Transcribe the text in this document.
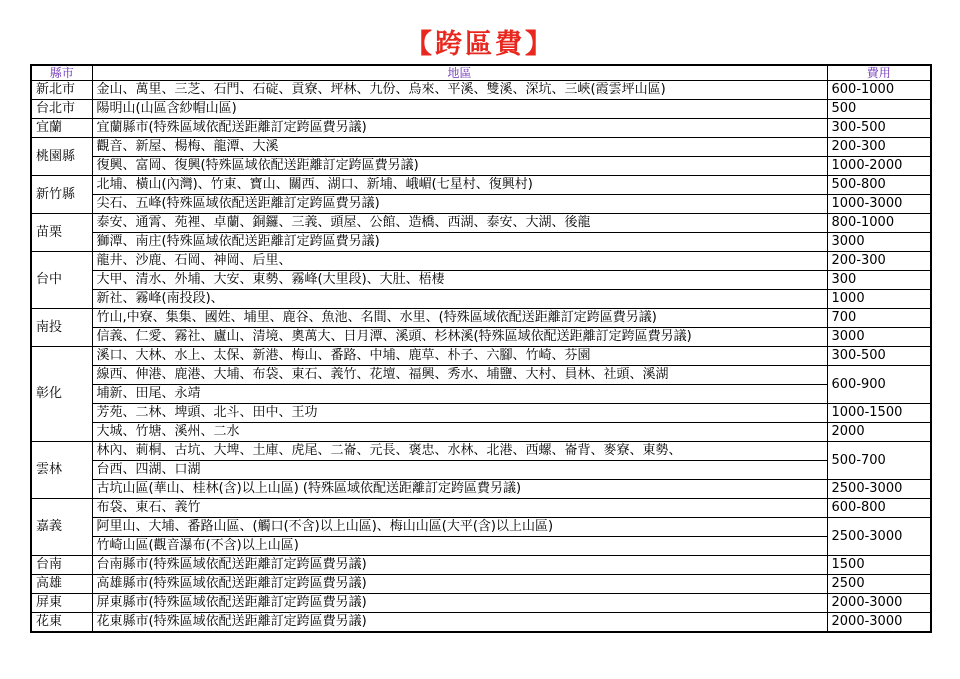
【跨區費】
縣市	地區	費用
新北市	金山、萬里、三芝、石門、石碇、貢寮、坪林、九份、烏來、平溪、雙溪、深坑、三峽(霞雲坪山區)	600-1000
台北市	陽明山(山區含紗帽山區)	500
宜蘭	宜蘭縣市(特殊區域依配送距離訂定跨區費另議)	300-500
桃園縣	觀音、新屋、楊梅、龍潭、大溪	200-300
	復興、富岡、復興(特殊區域依配送距離訂定跨區費另議)	1000-2000
新竹縣	北埔、橫山(內灣)、竹東、寶山、關西、湖口、新埔、峨嵋(七星村、復興村)	500-800
	尖石、五峰(特殊區域依配送距離訂定跨區費另議)	1000-3000
苗栗	泰安、通霄、苑裡、卓蘭、銅鑼、三義、頭屋、公館、造橋、西湖、泰安、大湖、後龍	800-1000
	獅潭、南庄(特殊區域依配送距離訂定跨區費另議)	3000
台中	龍井、沙鹿、石岡、神岡、后里、	200-300
	大甲、清水、外埔、大安、東勢、霧峰(大里段)、大肚、梧棲	300
	新社、霧峰(南投段)、	1000
南投	竹山,中寮、集集、國姓、埔里、鹿谷、魚池、名間、水里、(特殊區域依配送距離訂定跨區費另議)	700
	信義、仁愛、霧社、廬山、清境、奧萬大、日月潭、溪頭、杉林溪(特殊區域依配送距離訂定跨區費另議)	3000
彰化	溪口、大林、水上、太保、新港、梅山、番路、中埔、鹿草、朴子、六腳、竹崎、芬園	300-500
	線西、伸港、鹿港、大埔、布袋、東石、義竹、花壇、福興、秀水、埔鹽、大村、員林、社頭、溪湖	600-900
	埔新、田尾、永靖	
	芳苑、二林、埤頭、北斗、田中、王功	1000-1500
	大城、竹塘、溪州、二水	2000
雲林	林內、莿桐、古坑、大埤、土庫、虎尾、二崙、元長、褒忠、水林、北港、西螺、崙背、麥寮、東勢、	500-700
	台西、四湖、口湖	
	古坑山區(華山、桂林(含)以上山區) (特殊區域依配送距離訂定跨區費另議)	2500-3000
嘉義	布袋、東石、義竹	600-800
	阿里山、大埔、番路山區、(觸口(不含)以上山區)、梅山山區(大平(含)以上山區)	2500-3000
	竹崎山區(觀音瀑布(不含)以上山區)	
台南	台南縣市(特殊區域依配送距離訂定跨區費另議)	1500
高雄	高雄縣市(特殊區域依配送距離訂定跨區費另議)	2500
屏東	屏東縣市(特殊區域依配送距離訂定跨區費另議)	2000-3000
花東	花東縣市(特殊區域依配送距離訂定跨區費另議)	2000-3000
